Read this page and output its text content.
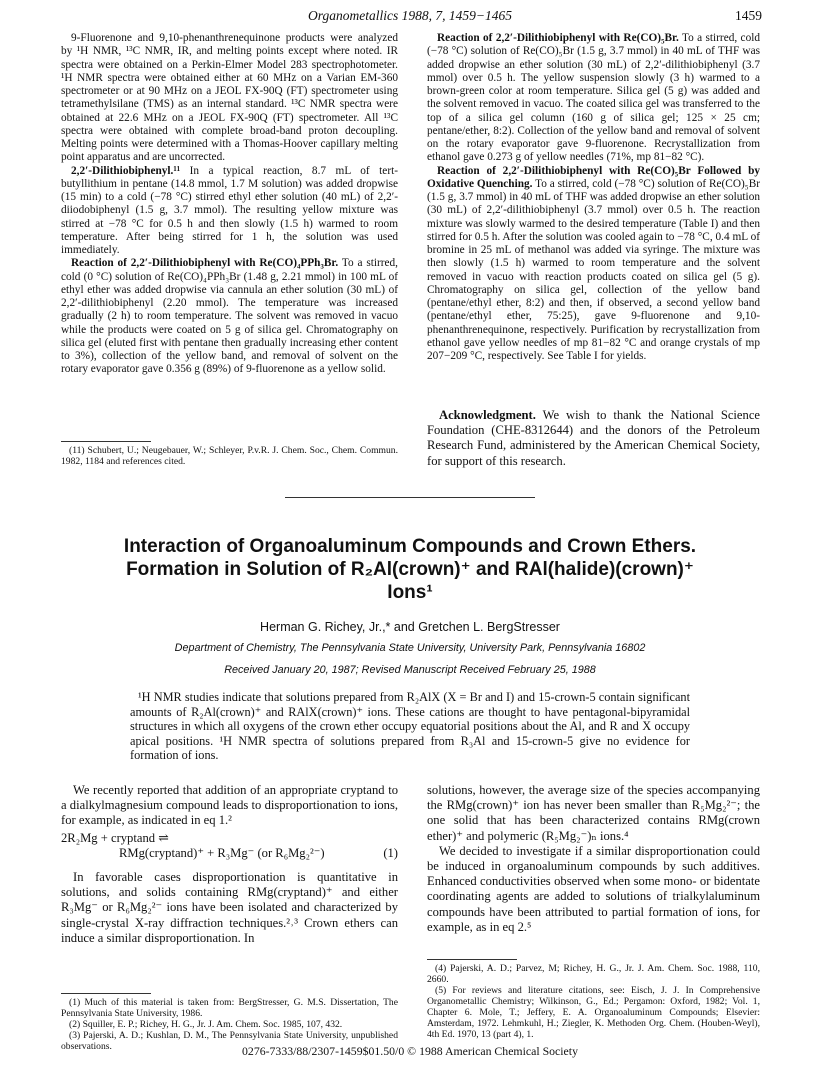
Organometallics 1988, 7, 1459−1465	1459

9-Fluorenone and 9,10-phenanthrenequinone products were analyzed by ¹H NMR, ¹³C NMR, IR, and melting points except where noted. IR spectra were obtained on a Perkin-Elmer Model 283 spectrophotometer. ¹H NMR spectra were obtained either at 60 MHz on a Varian EM-360 spectrometer or at 90 MHz on a JEOL FX-90Q (FT) spectrometer using tetramethylsilane (TMS) as an internal standard. ¹³C NMR spectra were obtained at 22.6 MHz on a JEOL FX-90Q (FT) spectrometer. All ¹³C spectra were obtained with complete broad-band proton decoupling. Melting points were determined with a Thomas-Hoover capillary melting point apparatus and are uncorrected.

2,2′-Dilithiobiphenyl.¹¹ In a typical reaction, 8.7 mL of tert-butyllithium in pentane (14.8 mmol, 1.7 M solution) was added dropwise (15 min) to a cold (−78 °C) stirred ethyl ether solution (40 mL) of 2,2′-diiodobiphenyl (1.5 g, 3.7 mmol). The resulting yellow mixture was stirred at −78 °C for 0.5 h and then slowly (1.5 h) warmed to room temperature. After being stirred for 1 h, the solution was used immediately.

Reaction of 2,2′-Dilithiobiphenyl with Re(CO)₄PPh₃Br. To a stirred, cold (0 °C) solution of Re(CO)₄PPh₃Br (1.48 g, 2.21 mmol) in 100 mL of ethyl ether was added dropwise via cannula an ether solution (30 mL) of 2,2′-dilithiobiphenyl (2.20 mmol). The temperature was increased gradually (2 h) to room temperature. The solvent was removed in vacuo while the products were coated on 5 g of silica gel. Chromatography on silica gel (eluted first with pentane then gradually increasing ether content to 3%), collection of the yellow band, and removal of solvent on the rotary evaporator gave 0.356 g (89%) of 9-fluorenone as a yellow solid.

(11) Schubert, U.; Neugebauer, W.; Schleyer, P.v.R. J. Chem. Soc., Chem. Commun. 1982, 1184 and references cited.

Reaction of 2,2′-Dilithiobiphenyl with Re(CO)₅Br. To a stirred, cold (−78 °C) solution of Re(CO)₅Br (1.5 g, 3.7 mmol) in 40 mL of THF was added dropwise an ether solution (30 mL) of 2,2′-dilithiobiphenyl (3.7 mmol) over 0.5 h. The yellow suspension slowly (3 h) warmed to a brown-green color at room temperature. Silica gel (5 g) was added and the solvent removed in vacuo. The coated silica gel was transferred to the top of a silica gel column (160 g of silica gel; 125 × 25 cm; pentane/ether, 8:2). Collection of the yellow band and removal of solvent on the rotary evaporator gave 9-fluorenone. Recrystallization from ethanol gave 0.273 g of yellow needles (71%, mp 81−82 °C).

Reaction of 2,2′-Dilithiobiphenyl with Re(CO)₅Br Followed by Oxidative Quenching. To a stirred, cold (−78 °C) solution of Re(CO)₅Br (1.5 g, 3.7 mmol) in 40 mL of THF was added dropwise an ether solution (30 mL) of 2,2′-dilithiobiphenyl (3.7 mmol) over 0.5 h. The reaction mixture was slowly warmed to the desired temperature (Table I) and then stirred for 0.5 h. After the solution was cooled again to −78 °C, 0.4 mL of bromine in 25 mL of methanol was added via syringe. The mixture was then slowly (1.5 h) warmed to room temperature and the solvent removed in vacuo with reaction products coated on silica gel (5 g). Chromatography on silica gel, collection of the yellow band (pentane/ethyl ether, 8:2) and then, if observed, a second yellow band (pentane/ethyl ether, 75:25), gave 9-fluorenone and 9,10-phenanthrenequinone, respectively. Purification by recrystallization from ethanol gave yellow needles of mp 81−82 °C and orange crystals of mp 207−209 °C, respectively. See Table I for yields.

Acknowledgment. We wish to thank the National Science Foundation (CHE-8312644) and the donors of the Petroleum Research Fund, administered by the American Chemical Society, for support of this research.

Interaction of Organoaluminum Compounds and Crown Ethers.
Formation in Solution of R₂Al(crown)⁺ and RAl(halide)(crown)⁺
Ions¹
Herman G. Richey, Jr.,* and Gretchen L. BergStresser
Department of Chemistry, The Pennsylvania State University, University Park, Pennsylvania 16802
Received January 20, 1987; Revised Manuscript Received February 25, 1988

¹H NMR studies indicate that solutions prepared from R₂AlX (X = Br and I) and 15-crown-5 contain significant amounts of R₂Al(crown)⁺ and RAlX(crown)⁺ ions. These cations are thought to have pentagonal-bipyramidal structures in which all oxygens of the crown ether occupy equatorial positions about the Al, and R and X occupy apical positions. ¹H NMR spectra of solutions prepared from R₃Al and 15-crown-5 give no evidence for formation of ions.

We recently reported that addition of an appropriate cryptand to a dialkylmagnesium compound leads to disproportionation to ions, for example, as indicated in eq 1.²

2R₂Mg + cryptand ⇌
RMg(cryptand)⁺ + R₃Mg⁻ (or R₆Mg₂²⁻)	(1)

In favorable cases disproportionation is quantitative in solutions, and solids containing RMg(cryptand)⁺ and either R₃Mg⁻ or R₆Mg₂²⁻ ions have been isolated and characterized by single-crystal X-ray diffraction techniques.²˒³ Crown ethers can induce a similar disproportionation. In

(1) Much of this material is taken from: BergStresser, G. M.S. Dissertation, The Pennsylvania State University, 1986.

(2) Squiller, E. P.; Richey, H. G., Jr. J. Am. Chem. Soc. 1985, 107, 432.

(3) Pajerski, A. D.; Kushlan, D. M., The Pennsylvania State University, unpublished observations.

solutions, however, the average size of the species accompanying the RMg(crown)⁺ ion has never been smaller than R₅Mg₂²⁻; the one solid that has been characterized contains RMg(crown ether)⁺ and polymeric (R₅Mg₂⁻)ₙ ions.⁴

We decided to investigate if a similar disproportionation could be induced in organoaluminum compounds by such additives. Enhanced conductivities observed when some mono- or bidentate coordinating agents are added to solutions of trialkylaluminum compounds have been attributed to partial formation of ions, for example, as in eq 2.⁵

(4) Pajerski, A. D.; Parvez, M; Richey, H. G., Jr. J. Am. Chem. Soc. 1988, 110, 2660.

(5) For reviews and literature citations, see: Eisch, J. J. In Comprehensive Organometallic Chemistry; Wilkinson, G., Ed.; Pergamon: Oxford, 1982; Vol. 1, Chapter 6. Mole, T.; Jeffery, E. A. Organoaluminum Compounds; Elsevier: Amsterdam, 1972. Lehmkuhl, H.; Ziegler, K. Methoden Org. Chem. (Houben-Weyl), 4th Ed. 1970, 13 (part 4), 1.

0276-7333/88/2307-1459$01.50/0 © 1988 American Chemical Society
